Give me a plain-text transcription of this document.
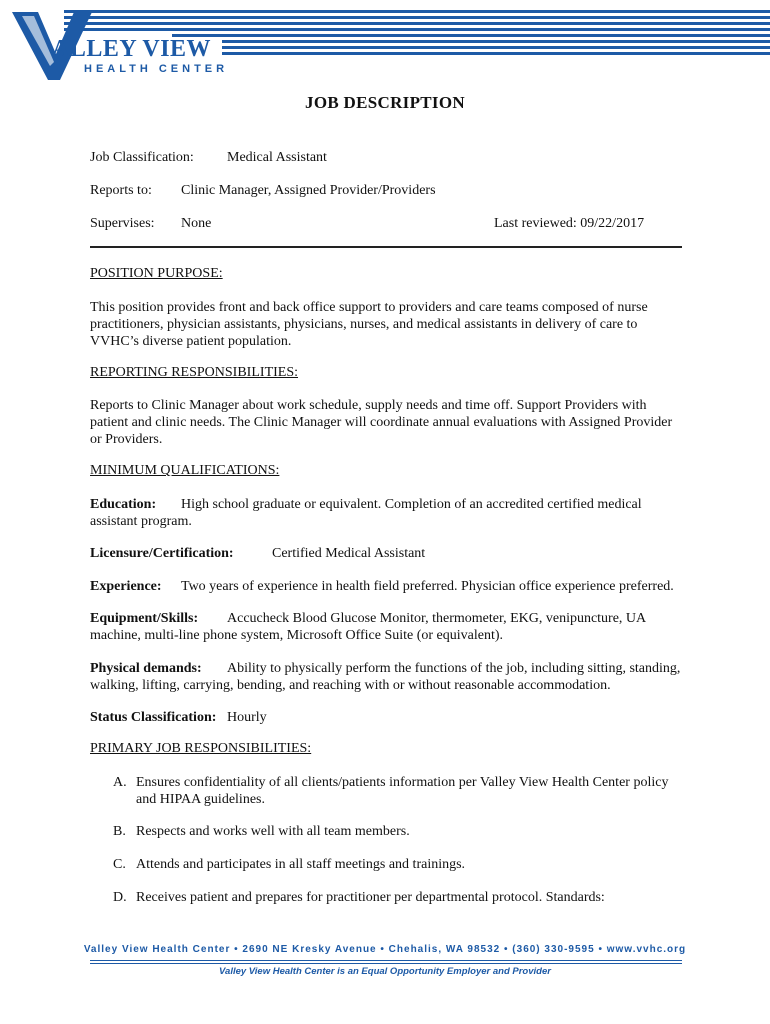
ALLEY VIEW
HEALTH CENTER
JOB DESCRIPTION
Job Classification: Medical Assistant
Reports to: Clinic Manager, Assigned Provider/Providers
Supervises: None	Last reviewed: 09/22/2017
POSITION PURPOSE:
This position provides front and back office support to providers and care teams composed of nurse
practitioners, physician assistants, physicians, nurses, and medical assistants in delivery of care to
VVHC’s diverse patient population.
REPORTING RESPONSIBILITIES:
Reports to Clinic Manager about work schedule, supply needs and time off. Support Providers with
patient and clinic needs. The Clinic Manager will coordinate annual evaluations with Assigned Provider
or Providers.
MINIMUM QUALIFICATIONS:
Education: High school graduate or equivalent. Completion of an accredited certified medical
assistant program.
Licensure/Certification:	Certified Medical Assistant
Experience: Two years of experience in health field preferred. Physician office experience preferred.
Equipment/Skills: Accucheck Blood Glucose Monitor, thermometer, EKG, venipuncture, UA
machine, multi-line phone system, Microsoft Office Suite (or equivalent).
Physical demands: Ability to physically perform the functions of the job, including sitting, standing,
walking, lifting, carrying, bending, and reaching with or without reasonable accommodation.
Status Classification: Hourly
PRIMARY JOB RESPONSIBILITIES:
A. Ensures confidentiality of all clients/patients information per Valley View Health Center policy
and HIPAA guidelines.
B. Respects and works well with all team members.
C. Attends and participates in all staff meetings and trainings.
D. Receives patient and prepares for practitioner per departmental protocol. Standards:
Valley View Health Center • 2690 NE Kresky Avenue • Chehalis, WA 98532 • (360) 330-9595 • www.vvhc.org
Valley View Health Center is an Equal Opportunity Employer and Provider
